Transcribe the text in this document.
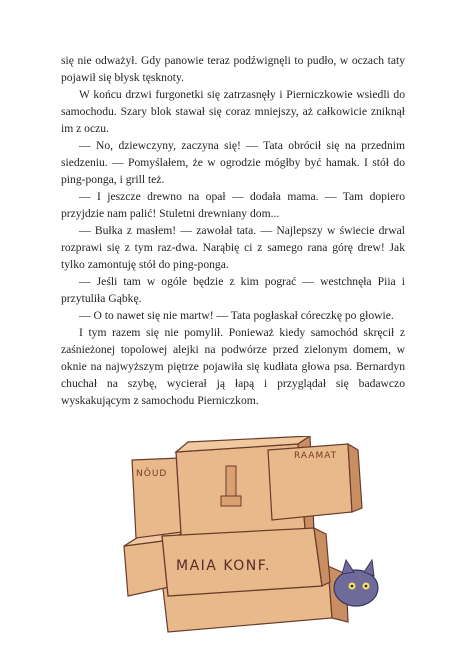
się nie odważył. Gdy panowie teraz podźwignęli to pudło, w oczach taty pojawił się błysk tęsknoty.

W końcu drzwi furgonetki się zatrzasnęły i Pierniczkowie wsiedli do samochodu. Szary blok stawał się coraz mniejszy, aż całkowicie zniknął im z oczu.

— No, dziewczyny, zaczyna się! — Tata obrócił się na przednim siedzeniu. — Pomyślałem, że w ogrodzie mógłby być hamak. I stół do ping-ponga, i grill też.

— I jeszcze drewno na opał — dodała mama. — Tam dopiero przyjdzie nam palić! Stuletni drewniany dom...

— Bułka z masłem! — zawołał tata. — Najlepszy w świecie drwal rozprawi się z tym raz-dwa. Narąbię ci z samego rana górę drew! Jak tylko zamontuję stół do ping-ponga.

— Jeśli tam w ogóle będzie z kim pograć — westchnęła Piia i przytuliła Gąbkę.

— O to nawet się nie martw! — Tata pogłaskał córeczkę po głowie.

I tym razem się nie pomylił. Ponieważ kiedy samochód skręcił z zaśnieżonej topolowej alejki na podwórze przed zielonym domem, w oknie na najwyższym piętrze pojawiła się kudłata głowa psa. Bernardyn chuchał na szybę, wycierał ją łapą i przyglądał się badawczo wyskakującym z samochodu Pierniczkom.

NÕUD
RAAMAT
MAIA KONF.
